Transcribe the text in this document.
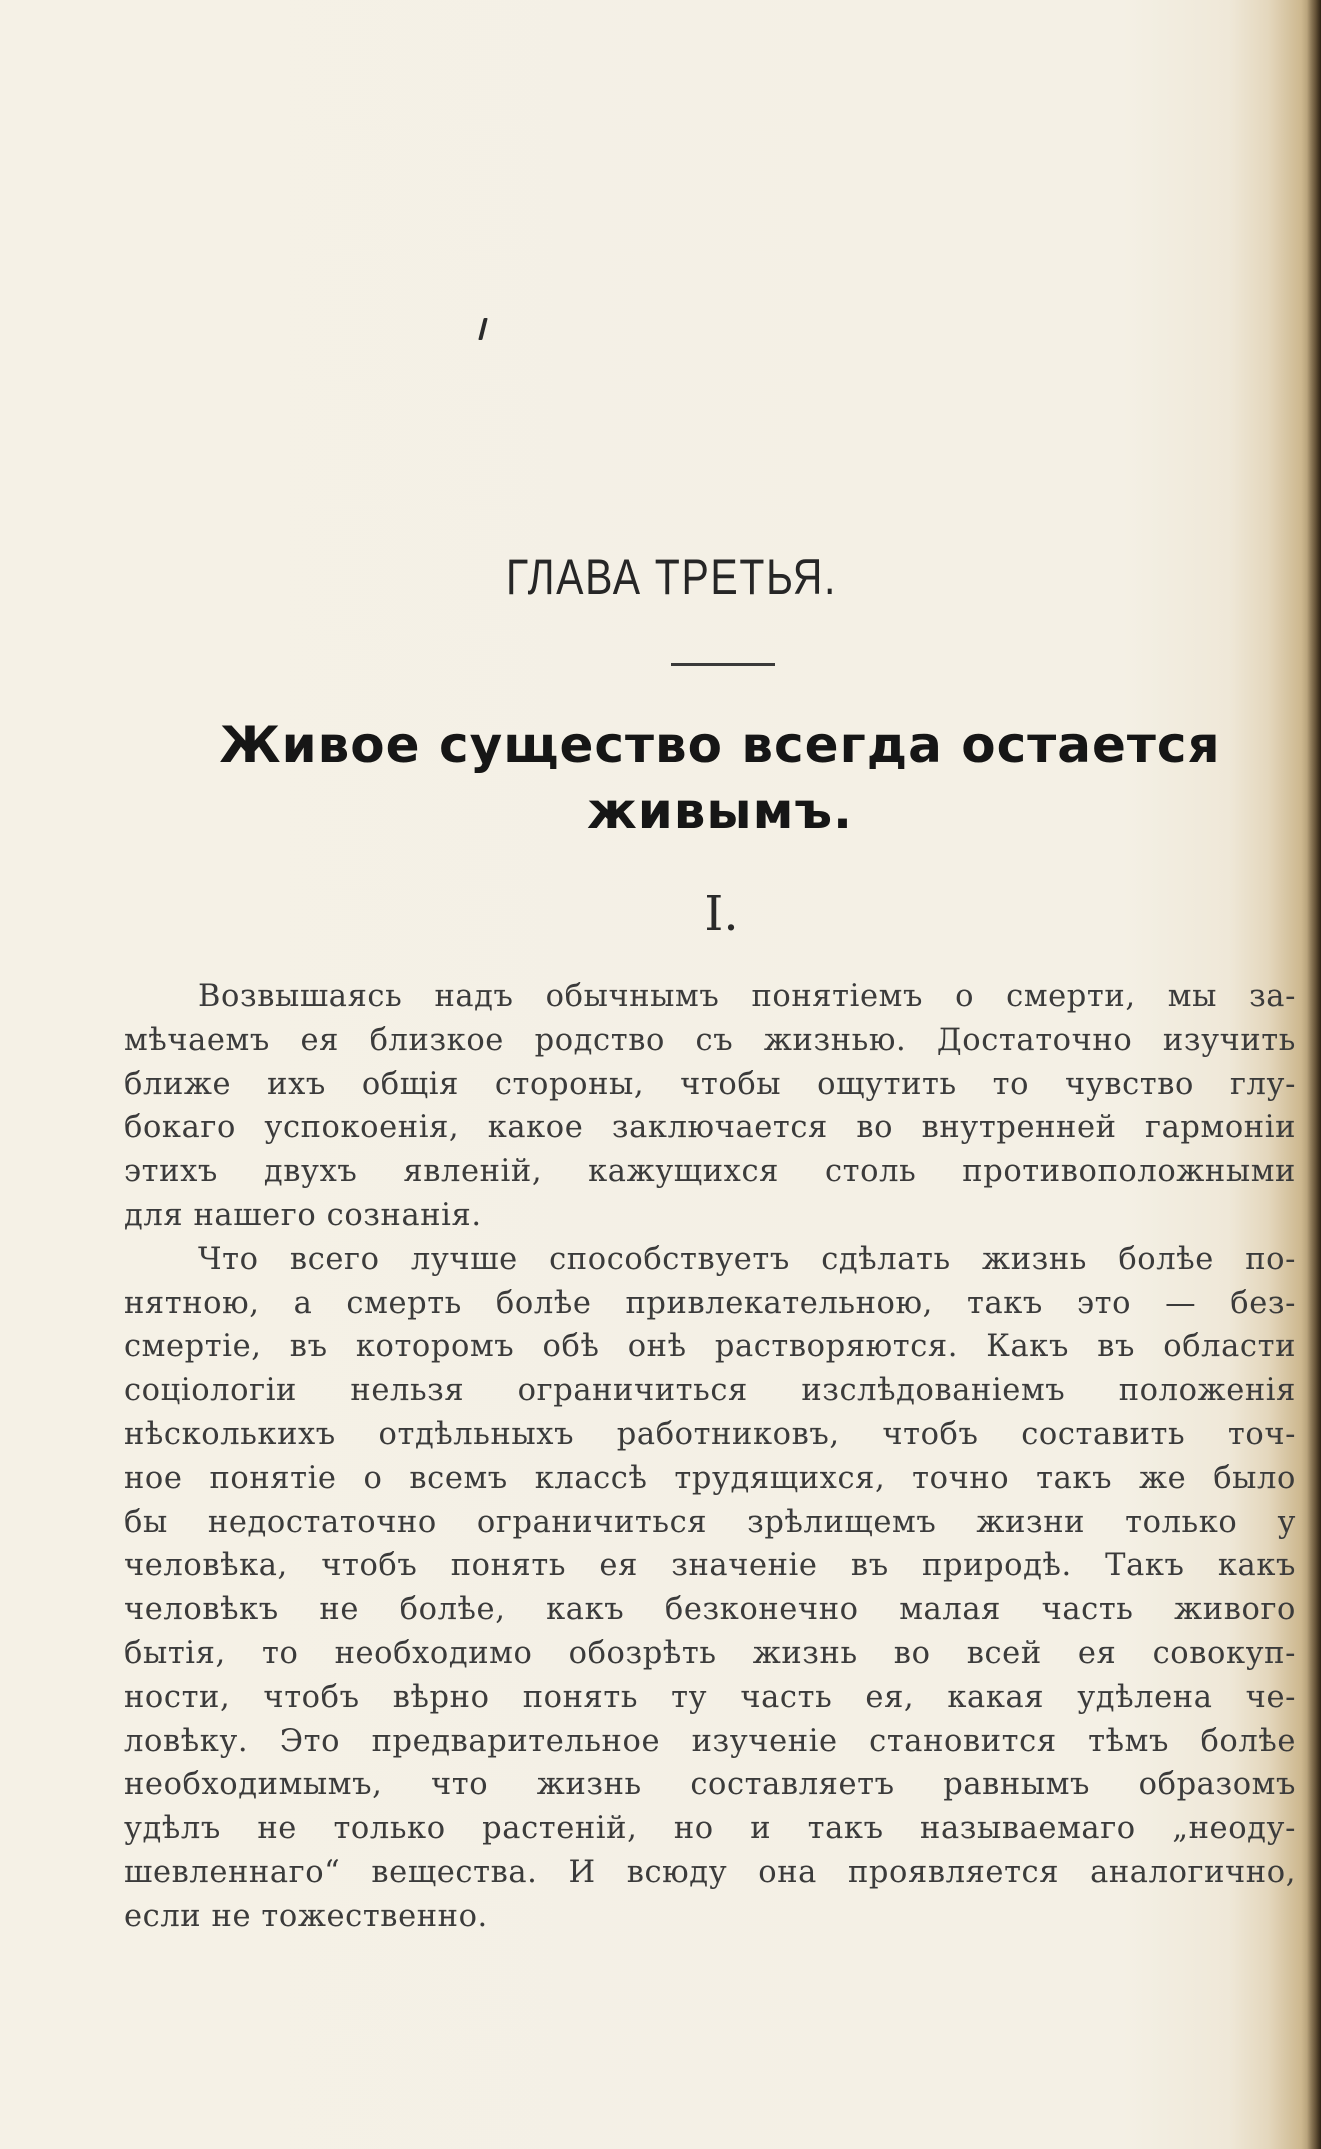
ГЛАВА ТРЕТЬЯ.
Живое существо всегда остается
живымъ.
I.
Возвышаясь надъ обычнымъ понятіемъ о смерти, мы за-
мѣчаемъ ея близкое родство съ жизнью. Достаточно изучить
ближе ихъ общія стороны, чтобы ощутить то чувство глу-
бокаго успокоенія, какое заключается во внутренней гармоніи
этихъ двухъ явленій, кажущихся столь противоположными
для нашего сознанія.
Что всего лучше способствуетъ сдѣлать жизнь болѣе по-
нятною, а смерть болѣе привлекательною, такъ это — без-
смертіе, въ которомъ обѣ онѣ растворяются. Какъ въ области
соціологіи нельзя ограничиться изслѣдованіемъ положенія
нѣсколькихъ отдѣльныхъ работниковъ, чтобъ составить точ-
ное понятіе о всемъ классѣ трудящихся, точно такъ же было
бы недостаточно ограничиться зрѣлищемъ жизни только у
человѣка, чтобъ понять ея значеніе въ природѣ. Такъ какъ
человѣкъ не болѣе, какъ безконечно малая часть живого
бытія, то необходимо обозрѣть жизнь во всей ея совокуп-
ности, чтобъ вѣрно понять ту часть ея, какая удѣлена че-
ловѣку. Это предварительное изученіе становится тѣмъ болѣе
необходимымъ, что жизнь составляетъ равнымъ образомъ
удѣлъ не только растеній, но и такъ называемаго „неоду-
шевленнаго“ вещества. И всюду она проявляется аналогично,
если не тожественно.
